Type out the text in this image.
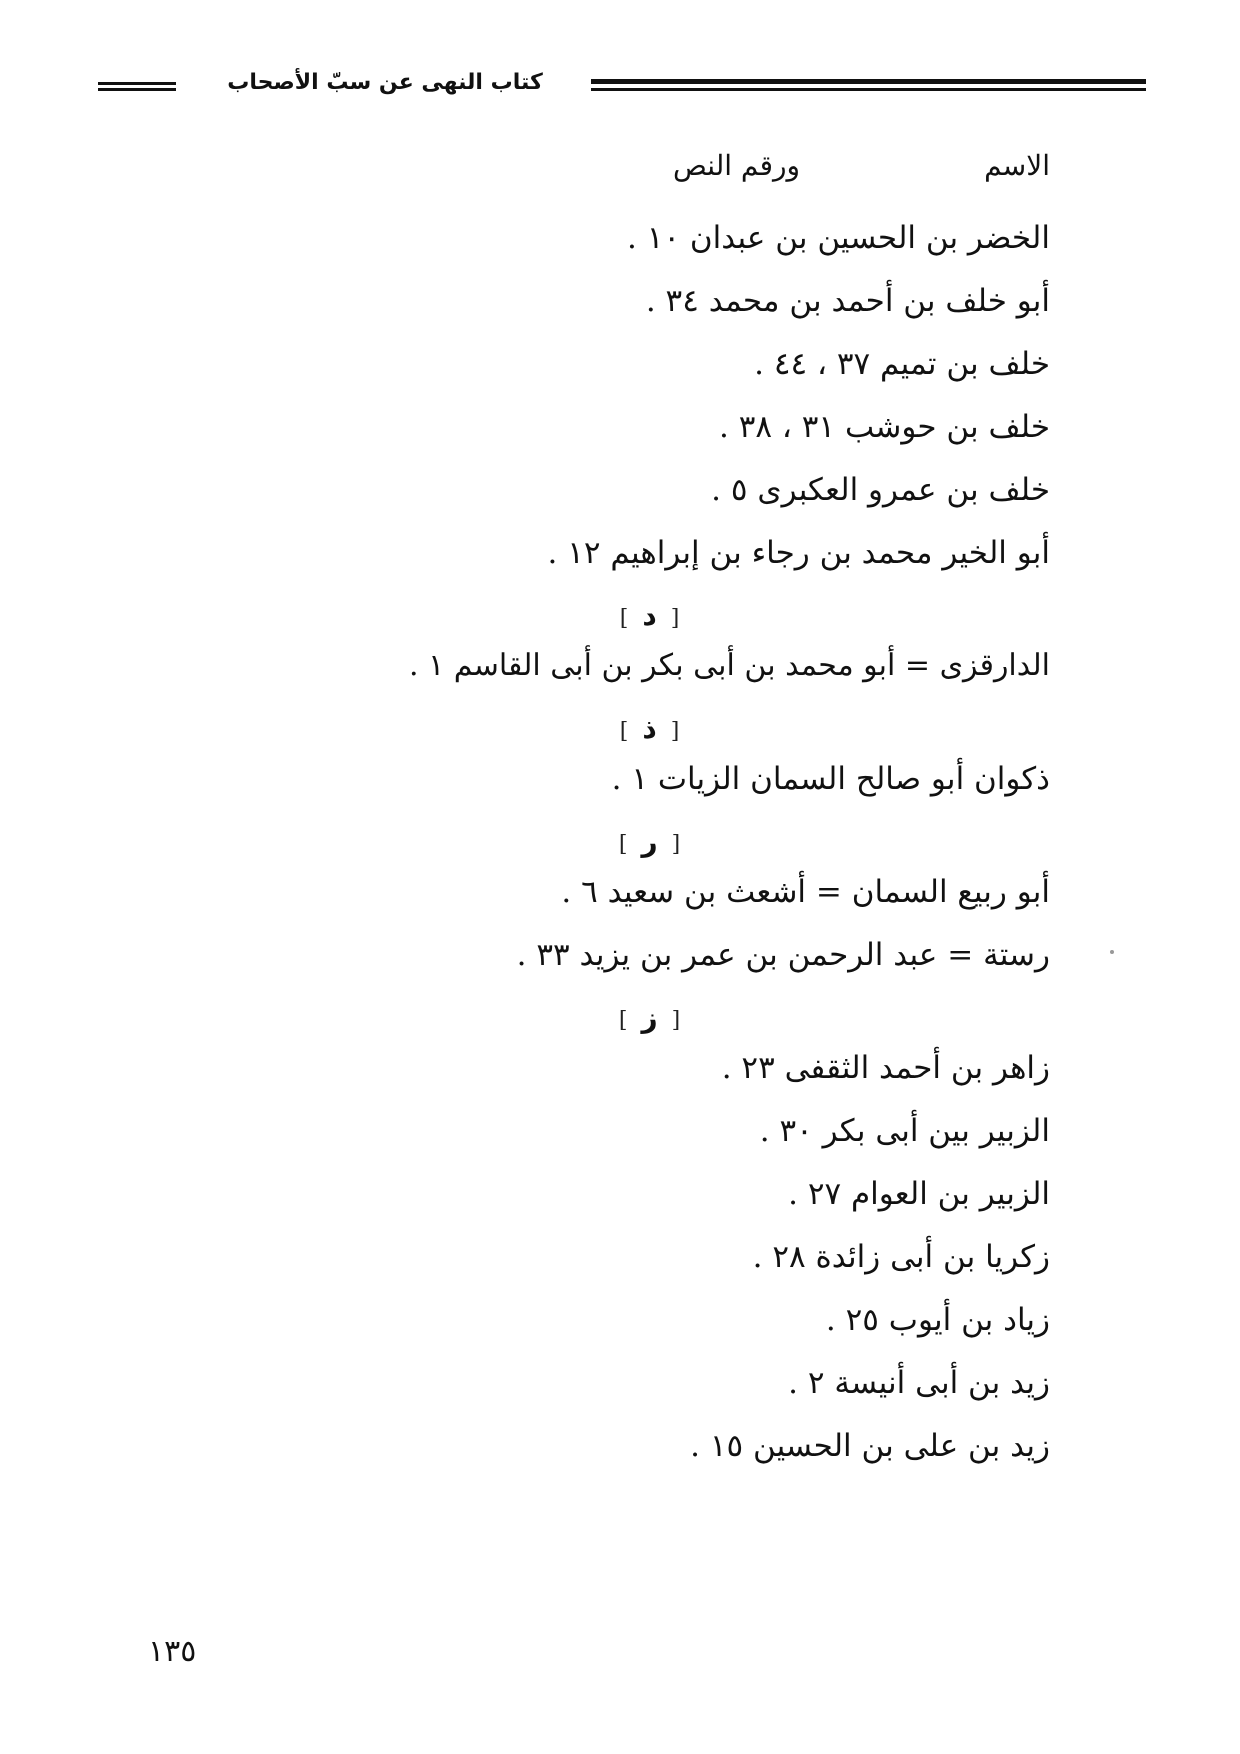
كتاب النهى عن سبّ الأصحاب
الاسم
ورقم النص
الخضر بن الحسين بن عبدان ١٠ .
أبو خلف بن أحمد بن محمد ٣٤ .
خلف بن تميم ٣٧ ، ٤٤ .
خلف بن حوشب ٣١ ، ٣٨ .
خلف بن عمرو العكبرى ٥ .
أبو الخير محمد بن رجاء بن إبراهيم ١٢ .
[ د ]
الدارقزى = أبو محمد بن أبى بكر بن أبى القاسم ١ .
[ ذ ]
ذكوان أبو صالح السمان الزيات ١ .
[ ر ]
أبو ربيع السمان = أشعث بن سعيد ٦ .
رستة = عبد الرحمن بن عمر بن يزيد ٣٣ .
[ ز ]
زاهر بن أحمد الثقفى ٢٣ .
الزبير بين أبى بكر ٣٠ .
الزبير بن العوام ٢٧ .
زكريا بن أبى زائدة ٢٨ .
زياد بن أيوب ٢٥ .
زيد بن أبى أنيسة ٢ .
زيد بن على بن الحسين ١٥ .
١٣٥
